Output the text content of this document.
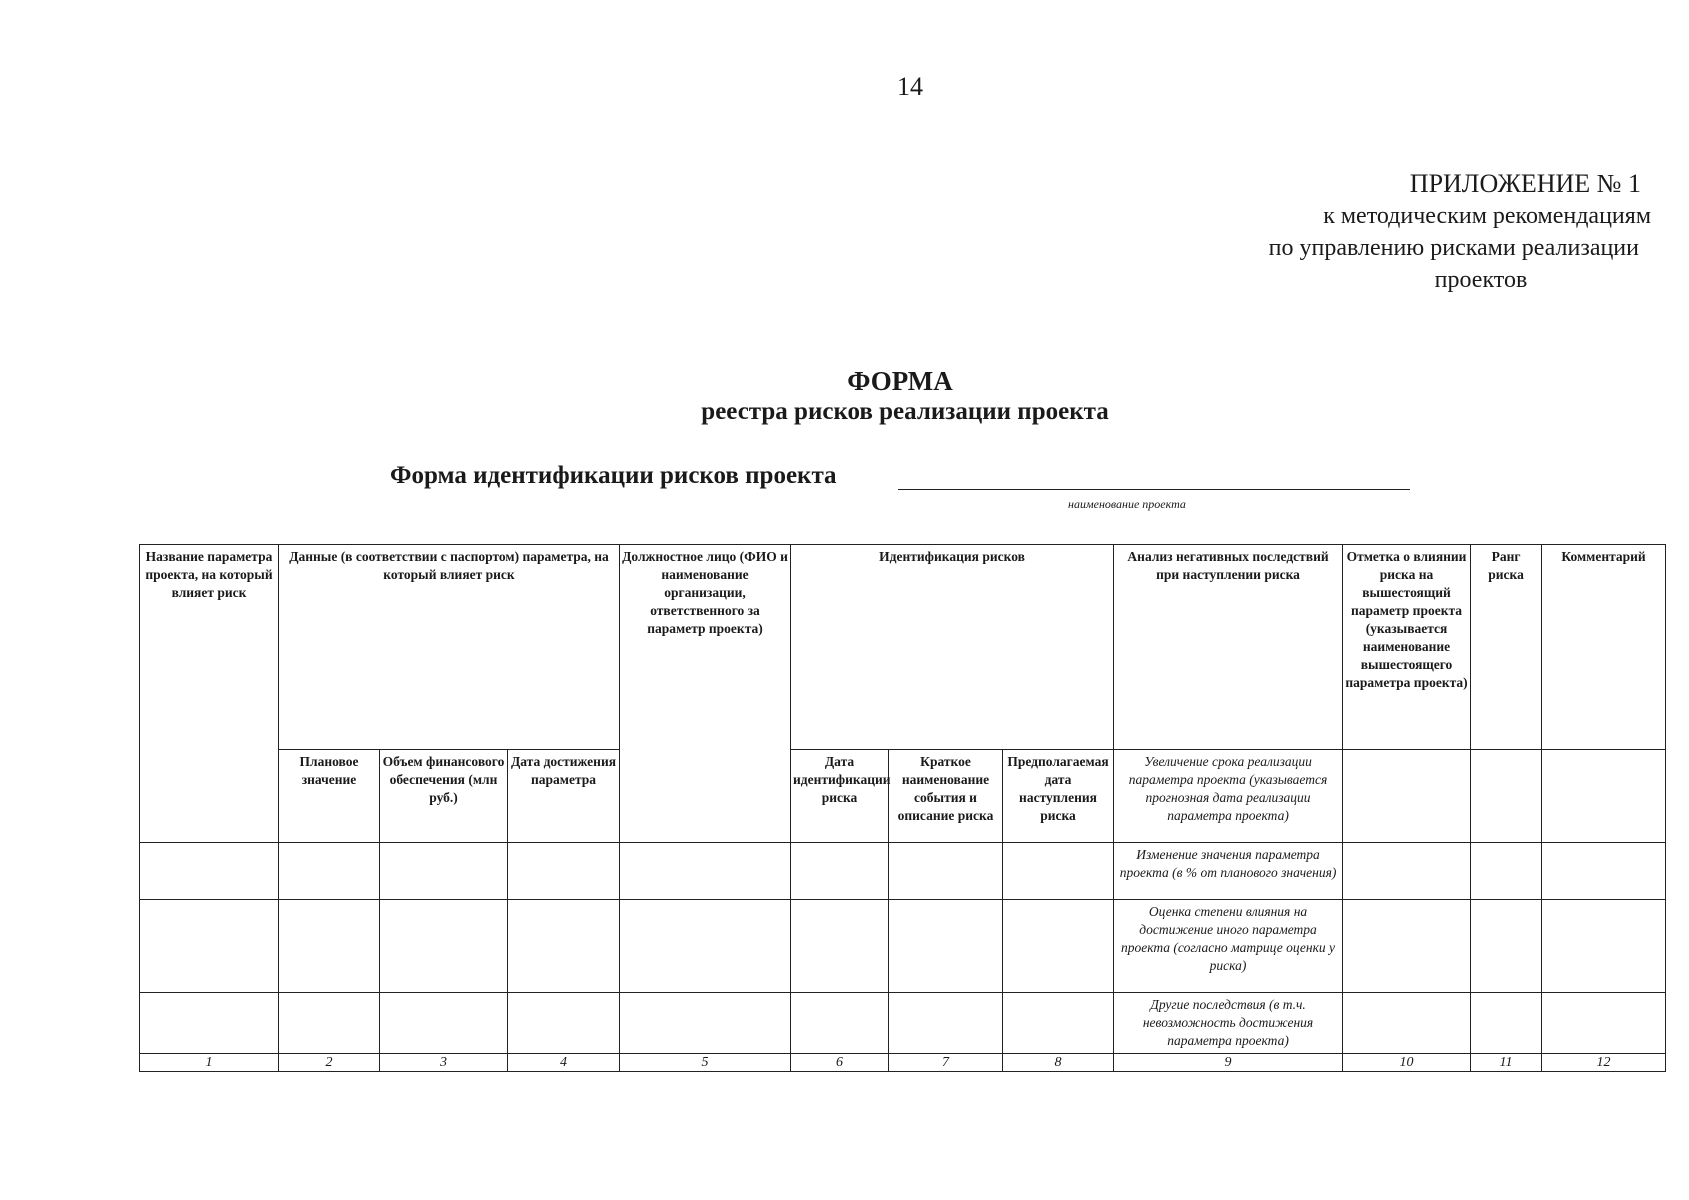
14
ПРИЛОЖЕНИЕ № 1
к методическим рекомендациям
по управлению рисками реализации
проектов
ФОРМА
реестра рисков реализации проекта
Форма идентификации рисков проекта
наименование проекта
Название параметра проекта, на который влияет риск	Данные (в соответствии с паспортом) параметра, на который влияет риск			Должностное лицо (ФИО и наименование организации, ответственного за параметр проекта)	Идентификация рисков			Анализ негативных последствий при наступлении риска	Отметка о влиянии риска на вышестоящий параметр проекта (указывается наименование вышестоящего параметра проекта)	Ранг риска	Комментарий
	Плановое значение	Объем финансового обеспечения (млн руб.)	Дата достижения параметра		Дата идентификации риска	Краткое наименование события и описание риска	Предполагаемая дата наступления риска	Увеличение срока реализации параметра проекта (указывается прогнозная дата реализации параметра проекта)			
								Изменение значения параметра проекта (в % от планового значения)			
								Оценка степени влияния на достижение иного параметра проекта (согласно матрице оценки у риска)			
								Другие последствия (в т.ч. невозможность достижения параметра проекта)			
1	2	3	4	5	6	7	8	9	10	11	12
